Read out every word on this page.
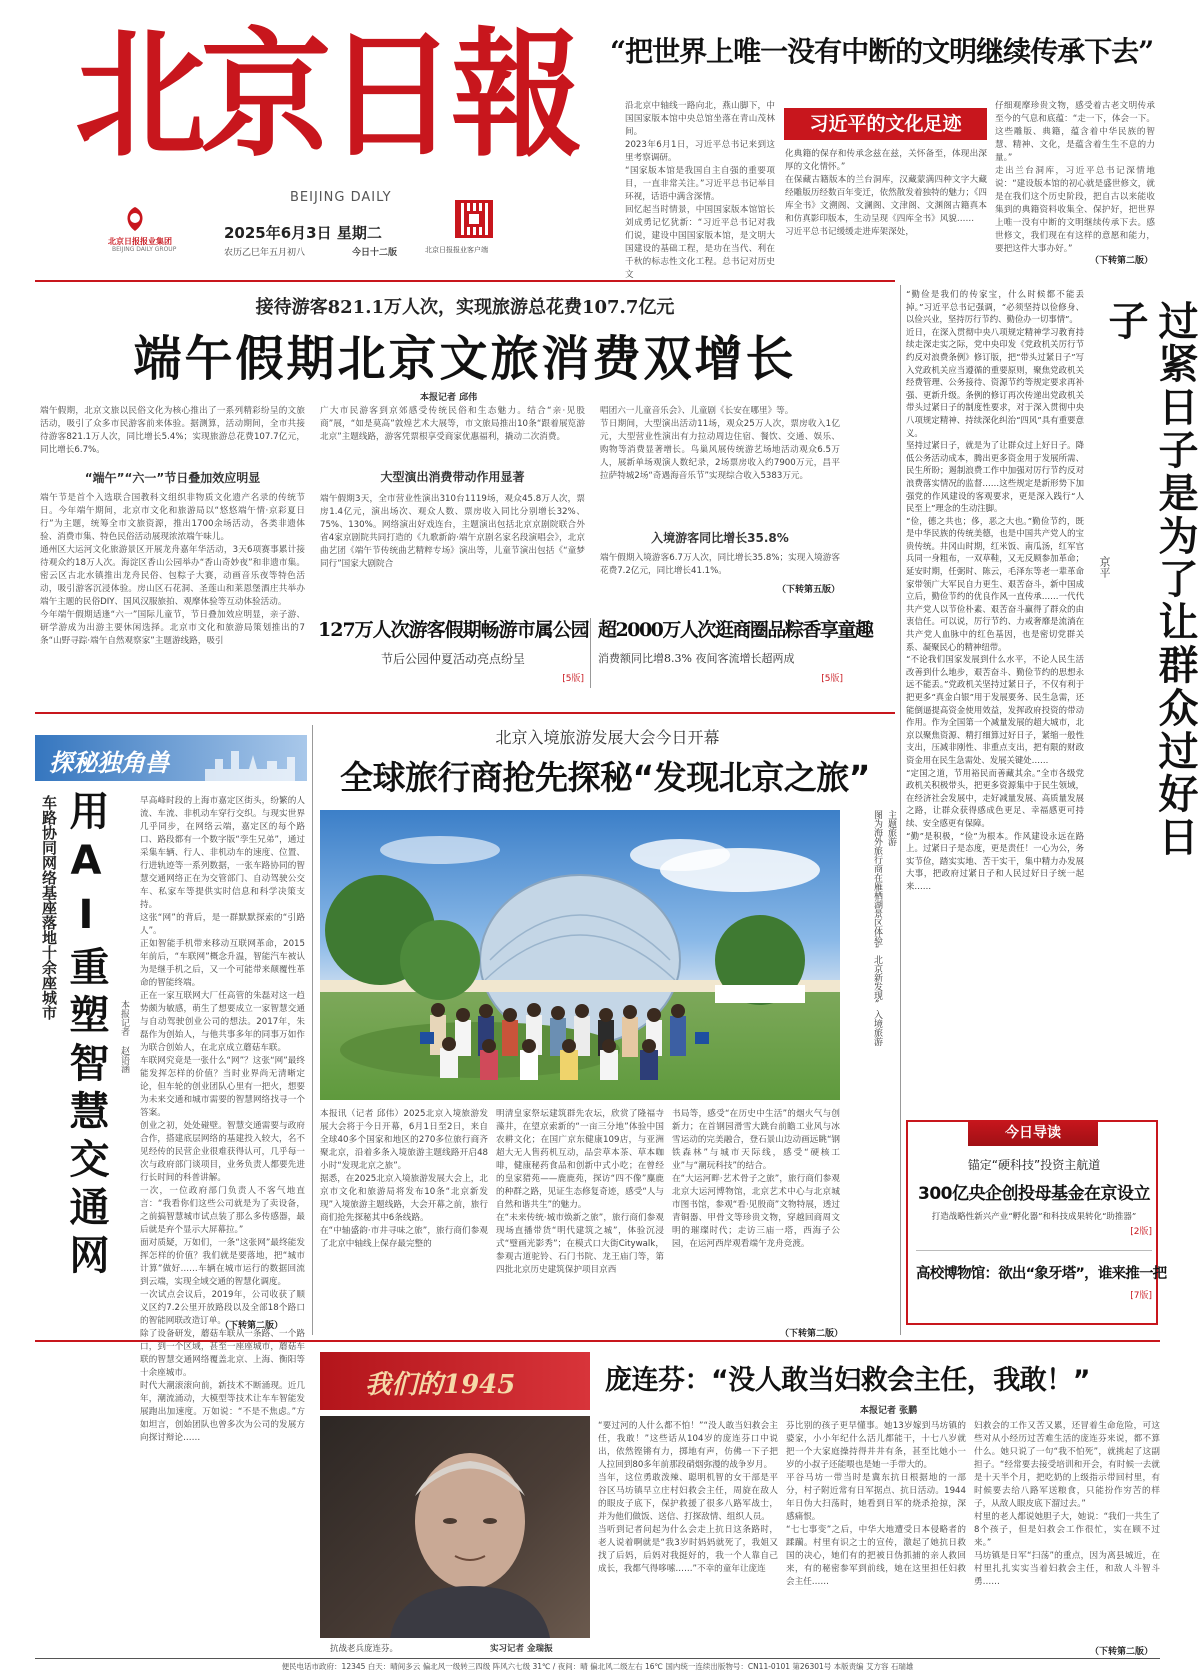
北京日報
BEIJING DAILY
北京日报报业集团
BEIJING DAILY GROUP
2025年6月3日 星期二
农历乙巳年五月初八	今日十二版	北京日报报业客户端
“把世界上唯一没有中断的文明继续传承下去”
沿北京中轴线一路向北，燕山脚下，中国国家版本馆中央总馆坐落在青山茂林间。
2023年6月1日，习近平总书记来到这里考察调研。
“国家版本馆是我国自主自强的重要项目，一直非常关注。”习近平总书记举目环视，话语中满含深情。
回忆起当时情景，中国国家版本馆馆长刘成勇记忆犹新：“习近平总书记对我们说，建设中国国家版本馆，是文明大国建设的基础工程，是功在当代、利在千秋的标志性文化工程。总书记对历史文
习近平的文化足迹
化典籍的保存和传承念兹在兹，关怀备至，体现出深厚的文化情怀。”
在保藏古籍版本的兰台洞库，汉藏蒙满四种文字大藏经雕版历经数百年变迁，依然散发着独特的魅力；《四库全书》文溯阁、文澜阁、文津阁、文渊阁古籍真本和仿真影印版本，生动呈现《四库全书》风貌……
习近平总书记缓缓走进库架深处，
仔细观摩珍贵文物，感受着古老文明传承至今的气息和底蕴：“走一下，体会一下。这些雕版、典籍，蕴含着中华民族的智慧、精神、文化，是蕴含着生生不息的力量。”
走出兰台洞库，习近平总书记深情地说：“建设版本馆的初心就是盛世修文，就是在我们这个历史阶段，把自古以来能收集到的典籍资料收集全、保护好，把世界上唯一没有中断的文明继续传承下去。感世修文，我们现在有这样的意愿和能力，要把这件大事办好。”
（下转第二版）
接待游客821.1万人次，实现旅游总花费107.7亿元
端午假期北京文旅消费双增长
本报记者 邱伟
端午假期，北京文旅以民俗文化为核心推出了一系列精彩纷呈的文旅活动，吸引了众多市民游客前来体验。据测算，活动期间，全市共接待游客821.1万人次，同比增长5.4%；实现旅游总花费107.7亿元，同比增长6.7%。
“端午”“六一”节日叠加效应明显
端午节是首个入选联合国教科文组织非物质文化遗产名录的传统节日。今年端午期间，北京市文化和旅游局以“悠悠端午情·京彩夏日行”为主题，统筹全市文旅资源，推出1700余场活动，各类非遗体验、消费市集、特色民俗活动展现浓浓端午味儿。
通州区大运河文化旅游景区开展龙舟嘉年华活动，3天6项赛事累计接待观众约18万人次。海淀区香山公园举办“香山奇妙夜”和非遗市集。密云区古北水镇推出龙舟民俗、包粽子大赛，动画音乐夜等特色活动，吸引游客沉浸体验。房山区石花洞、圣莲山和莱恩堡酒庄共举办端午主题的民俗DIY、国风汉服旅拍、观摩体验等互动体验活动。
今年端午假期适逢“六一”国际儿童节，节日叠加效应明显，亲子游、研学游成为出游主要休闲选择。北京市文化和旅游局策划推出的7条“山野寻踪·端午自然观察家”主题游线路，吸引
广大市民游客到京郊感受传统民俗和生态魅力。结合“亲·见股商”展，“如是莫高”敦煌艺术大展等，市文旅局推出10条“跟着展览游北京”主题线路，游客凭票根享受商家优惠福利，撬动二次消费。
大型演出消费带动作用显著
端午假期3天，全市营业性演出310台1119场，观众45.8万人次，票房1.4亿元，演出场次、观众人数、票房收入同比分别增长32%、75%、130%。网络演出好戏连台，主题演出包括北京京剧院联合外省4家京剧院共同打造的《九歌新韵·端午京剧名家名段演唱会》，北京曲艺团《端午节传统曲艺精粹专场》演出等，儿童节演出包括《“童梦同行”国家大剧院合
唱团六一儿童音乐会》、儿童剧《长安在哪里》等。
节日期间，大型演出活动11场，观众25万人次，票房收入1亿元，大型营业性演出有力拉动周边住宿、餐饮、交通、娱乐、购物等消费显著增长。鸟巢风展传统游艺场地活动观众6.5万人，展新单场观演人数纪录，2场票房收入约7900万元，昌平拉萨特城2场“奇遇海音乐节”实现综合收入5383万元。
入境游客同比增长35.8%
端午假期入境游客6.7万人次，同比增长35.8%；实现入境游客花费7.2亿元，同比增长41.1%。
（下转第五版）
127万人次游客假期畅游市属公园
节后公园仲夏活动亮点纷呈
[5版]
超2000万人次逛商圈品粽香享童趣
消费额同比增8.3% 夜间客流增长超两成
[5版]
“勤俭是我们的传家宝，什么时候都不能丢掉。”习近平总书记强调，“必须坚持以俭修身、以俭兴业，坚持厉行节约、勤俭办一切事情”。
近日，在深入贯彻中央八项规定精神学习教育持续走深走实之际，党中央印发《党政机关厉行节约反对浪费条例》修订版，把“带头过紧日子”写入党政机关应当遵循的重要原则，聚焦党政机关经费管理、公务接待、资源节约等规定要求再补强、更新升级。条例的修订再次传递出党政机关带头过紧日子的制度性要求，对于深入贯彻中央八项规定精神、持续深化纠治“四风”具有重要意义。
坚持过紧日子，就是为了让群众过上好日子。降低公务活动成本，腾出更多资金用于发展所需、民生所盼；遏制浪费工作中加强对厉行节约反对浪费落实情况的监督……这些规定是新形势下加强党的作风建设的客观要求，更是深入践行“人民至上”理念的生动注脚。
“俭，德之共也；侈，恶之大也。”勤俭节约，既是中华民族的传统美德，也是中国共产党人的宝贵传统。井冈山时期，红米饭、南瓜汤，红军官兵同一身粗布，一双草鞋，又无反顾参加革命；延安时期，任弼时、陈云，毛泽东等老一辈革命家带领广大军民自力更生、艰苦奋斗，新中国成立后，勤俭节约的优良作风一直传承……一代代共产党人以节俭朴素、艰苦奋斗赢得了群众的由衷信任。可以说，厉行节约、力戒奢靡是流淌在共产党人血脉中的红色基因，也是密切党群关系、凝聚民心的精神纽带。
“不论我们国家发展到什么水平，不论人民生活改善到什么地步，艰苦奋斗、勤俭节约的思想永远不能丢。”党政机关坚持过紧日子，不仅有利于把更多“真金白银”用于发展要务、民生急需，还能倒逼提高资金使用效益，发挥政府投资的带动作用。作为全国第一个减量发展的超大城市，北京以聚焦资源、精打细算过好日子，紧缩一般性支出，压减非刚性、非重点支出，把有限的财政资金用在民生急需处、发展关键处……
“定国之道，节用裕民而善藏其余。”全市各级党政机关积极带头，把更多资源集中于民生领域，在经济社会发展中，走好减量发展、高质量发展之路，让群众获得感成色更足、幸福感更可持续、安全感更有保障。
“勤”是积极，“俭”为根本。作风建设永远在路上。过紧日子是态度，更是责任！一心为公，务实节俭，踏实实地、苦干实干，集中精力办发展大事，把政府过紧日子和人民过好日子统一起来……
过紧日子是为了让群众过好日子
京平
今日导读
锚定“硬科技”投资主航道
300亿央企创投母基金在京设立
打造战略性新兴产业“孵化器”和科技成果转化“助推器”
[2版]
高校博物馆：欲出“象牙塔”，谁来推一把
[7版]
北京入境旅游发展大会今日开幕
全球旅行商抢先探秘“发现北京之旅”
主题旅游
图为海外旅行商在雁栖湖景区体验“北京新发现”入境旅游
本报讯（记者 邱伟）2025北京入境旅游发展大会将于今日开幕，6月1日至2日，来自全球40多个国家和地区的270多位旅行商齐聚北京，沿着多条入境旅游主题线路开启48小时“发现北京之旅”。
据悉，在2025北京入境旅游发展大会上，北京市文化和旅游局将发布10条“北京新发现”入境旅游主题线路，大会开幕之前，旅行商们抢先探秘其中6条线路。
在“中轴盛韵·市井寻味之旅”，旅行商们参观了北京中轴线上保存最完整的
明清皇家祭坛建筑群先农坛，欣赏了隆福寺藻井，在望京索新的“一亩三分地”体验中国农耕文化；在国广京东健康109店，与亚洲超大无人售药机互动，品尝草本茶、草本咖啡，健康秘药食品和创新中式小吃；在曾经的皇家猎苑——鹿鹿苑，探访“四不像”麋鹿的种群之路，见证生态修复奇迹，感受“人与自然和谐共生”的魅力。
在“未来传统·城市焕新之旅”，旅行商们参观现场直播带货“明代建筑之城”，体验沉浸式“璧画光影秀”；在模式口大街Citywalk，参观古道驼铃、石门书院、龙王庙门等，第四批北京历史建筑保护项目京西
书局等，感受“在历史中生活”的烟火气与创新力；在首钢园滑雪大跳台前瞻工业风与冰雪运动的完美融合，登石景山边动画远眺“钢铁森林”与城市天际线，感受“硬核工业”与“潮玩科技”的结合。
在“大运河畔·艺术骨子之旅”，旅行商们参观北京大运河博物馆，北京艺术中心与北京城市图书馆，参观“看·见殷商”文物特展，透过青铜器、甲骨文等珍贵文物，穿越回商周文明的璀璨时代；走访三庙一塔，西海子公园，在运河西岸观看端午龙舟竞渡。
（下转第二版）
探秘独角兽
车路协同网络基座落地十余座城市 用AI重塑智慧交通网 本报记者 赵语涵
早高峰时段的上海市嘉定区街头，纷繁的人流、车流、非机动车穿行交织。与现实世界几乎同步，在网络云端，嘉定区的每个路口、路段都有一个数字版“孪生兄弟”，通过采集车辆、行人、非机动车的速度、位置、行进轨迹等一系列数据，一张车路协同的智慧交通网络正在为交管部门、自动驾驶公交车、私家车等提供实时信息和科学决策支持。
这张“网”的背后，是一群默默探索的“引路人”。
正如智能手机带来移动互联网革命，2015年前后，“车联网”概念升温，智能汽车被认为是继手机之后，又一个可能带来颠覆性革命的智能终端。
正在一家互联网大厂任高管的朱磊对这一趋势颇为敏感，萌生了想要成立一家智慧交通与自动驾驶创业公司的想法。2017年，朱磊作为创始人，与他共事多年的同事万如作为联合创始人，在北京成立蘑菇车联。
车联网究竟是一张什么“网”？这张“网”最终能发挥怎样的价值？当时业界尚无清晰定论，但车轮的创业团队心里有一把火，想要为未来交通和城市需要的智慧网络找寻一个答案。
创业之初，处处碰壁。智慧交通需要与政府合作，搭建底层网络的基建投入较大，名不见经传的民营企业很难获得认可，几乎每一次与政府部门谈项目，业务负责人都要先进行长时间的科普讲解。
一次，一位政府部门负责人不客气地直言：“我看你们这些公司就是为了卖设备，之前搞智慧城市试点装了那么多传感器，最后就是弃个显示大屏幕拉。”
面对质疑，万如们，一条“这张网”最终能发挥怎样的价值？我们就是要落地，把“城市计算”做好……车辆在城市运行的数据回流到云端，实现全域交通的智慧化调度。
一次试点会议后，2019年，公司收获了顺义区约7.2公里开放路段以及全部18个路口的智能网联改造订单。
除了设备研发，蘑菇车联从一条路、一个路口，到一个区域，甚至一座座城市，蘑菇车联的智慧交通网络覆盖北京、上海、衡阳等十余座城市。
时代大潮滚滚向前，新技术不断涌现。近几年，潮流涌动，大模型等技术让车车智能发展跑出加速度。万如说：“不是不焦虑。”方如坦言，创始团队也曾多次为公司的发展方向探讨辩论……
（下转第二版）
我们的1945	庞连芬：“没人敢当妇救会主任，我敢！”
本报记者 张鹏
抗战老兵庞连芬。	实习记者 金瑞振
“要过河的人什么都不怕！”“没人敢当妇救会主任，我敢！”这些话从104岁的庞连芬口中说出，依然铿锵有力，掷地有声，仿佛一下子把人拉回到80多年前那段硝烟弥漫的战争岁月。
当年，这位勇敢泼辣、聪明机智的女干部是平谷区马坊镇早立庄村妇救会主任，周旋在敌人的眼皮子底下，保护救援了很多八路军战士，并为他们做饭、送信、打探敌情、组织人员。
当听到记者问起为什么会走上抗日这条路时，老人说着啊就是“我3岁时妈妈就死了，我姐又找了后妈，后妈对我挺好的，我一个人靠自己成长，我都气得哆嗦……”不幸的童年让庞连
芬比别的孩子更早懂事。她13岁嫁到马坊镇的婆家，小小年纪什么活儿都能干，十七八岁就把一个大家庭操持得井井有条，甚至比她小一岁的小叔子还能喂也是她一手带大的。
平谷马坊一带当时是冀东抗日根据地的一部分，村子附近常有日军据点、抗日活动。1944年日伪大扫荡时，她看到日军的烧杀抢掠，深感痛恨。
“七七事变”之后，中华大地遭受日本侵略者的蹂躏。村里有识之士的宣传，激起了她抗日救国的决心，她们有的把被日伪抓捕的亲人救回来，有的秘密参军到前线，她在这里担任妇救会主任……
妇救会的工作又苦又累，还冒着生命危险，可这些对从小经历过苦难生活的庞连芬来说，都不算什么。她只说了一句“我不怕死”，就挑起了这副担子。“经常要去接受培训和开会，有时候一去就是十天半个月，把吃奶的上级指示带回村里，有时候要去给八路军送粮食，只能扮作穷苦的样子，从敌人眼皮底下溜过去。”
村里的老人都说她胆子大，她说：“我们一共生了8个孩子，但是妇救会工作很忙，实在顾不过来。”
马坊镇是日军“扫荡”的重点，因为离县城近，在村里扎扎实实当着妇救会主任，和敌人斗智斗勇……
（下转第二版）
便民电话市政府：12345 白天：晴间多云 偏北风一级转三四级 阵风六七级 31℃ / 夜间：晴 偏北风二级左右 16℃ 国内统一连续出版物号：CN11-0101 第26301号 本版责编 艾方容 石瑞雄
